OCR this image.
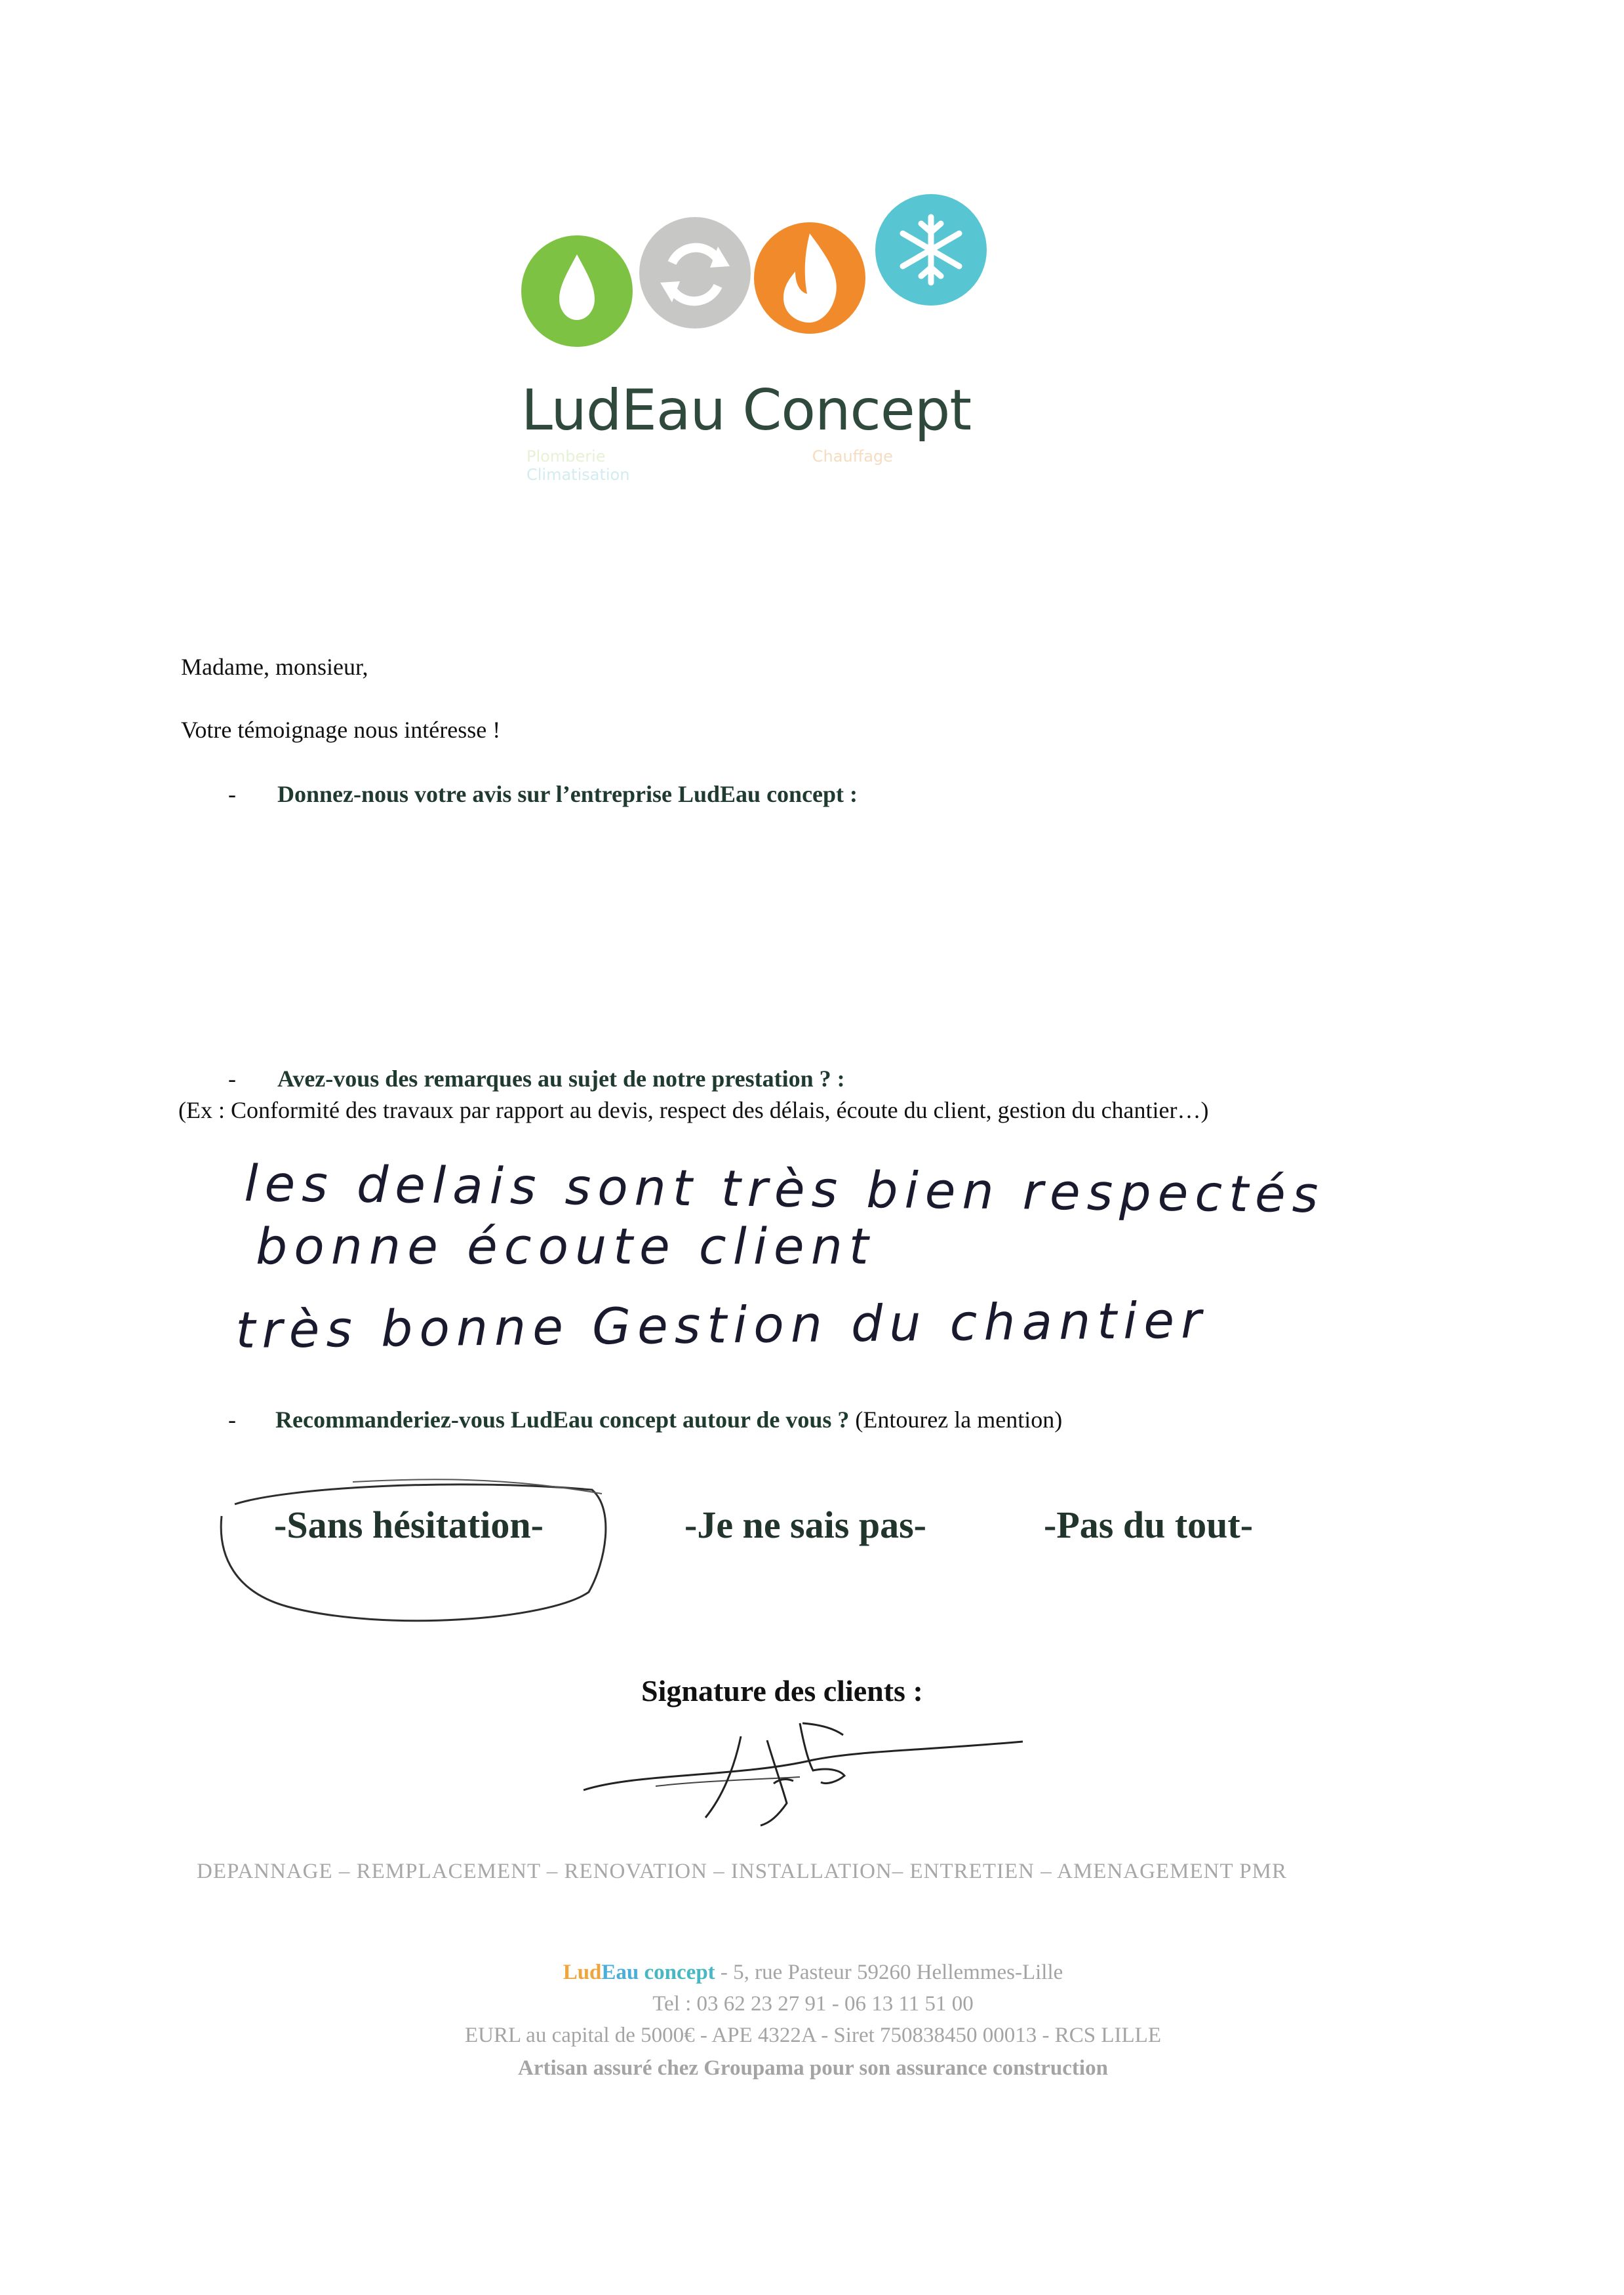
LudEau Concept
Plomberie	Chauffage Climatisation
Madame, monsieur,
Votre témoignage nous intéresse !
- Donnez-nous votre avis sur l’entreprise LudEau concept :
- Avez-vous des remarques au sujet de notre prestation ? :
(Ex : Conformité des travaux par rapport au devis, respect des délais, écoute du client, gestion du chantier…)
les delais sont très bien respectés
bonne écoute client
très bonne Gestion du chantier
- Recommanderiez-vous LudEau concept autour de vous ? (Entourez la mention)
-Sans hésitation-	-Je ne sais pas-	-Pas du tout-
Signature des clients :
DEPANNAGE – REMPLACEMENT – RENOVATION – INSTALLATION– ENTRETIEN – AMENAGEMENT PMR
LudEau concept - 5, rue Pasteur 59260 Hellemmes-Lille
Tel : 03 62 23 27 91 - 06 13 11 51 00
EURL au capital de 5000€ - APE 4322A - Siret 750838450 00013 - RCS LILLE
Artisan assuré chez Groupama pour son assurance construction
